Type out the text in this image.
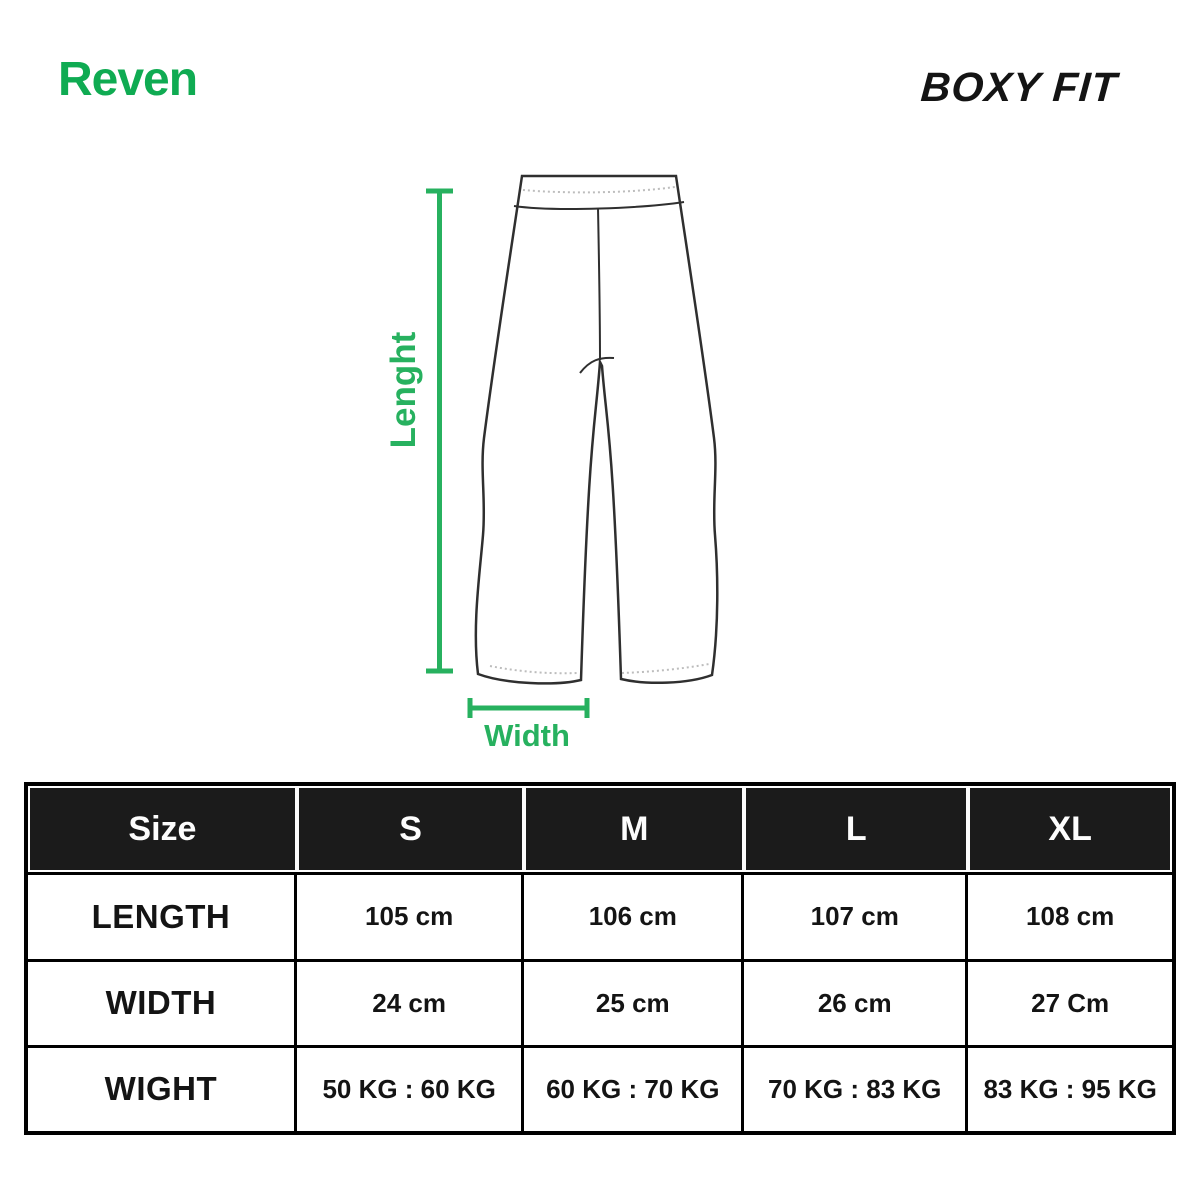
Reven	BOXY FIT
Lenght
Width
Size	S	M	L	XL
LENGTH	105 cm	106 cm	107 cm	108 cm
WIDTH	24 cm	25 cm	26 cm	27 Cm
WIGHT	50 KG : 60 KG	60 KG : 70 KG	70 KG : 83 KG	83 KG : 95 KG
